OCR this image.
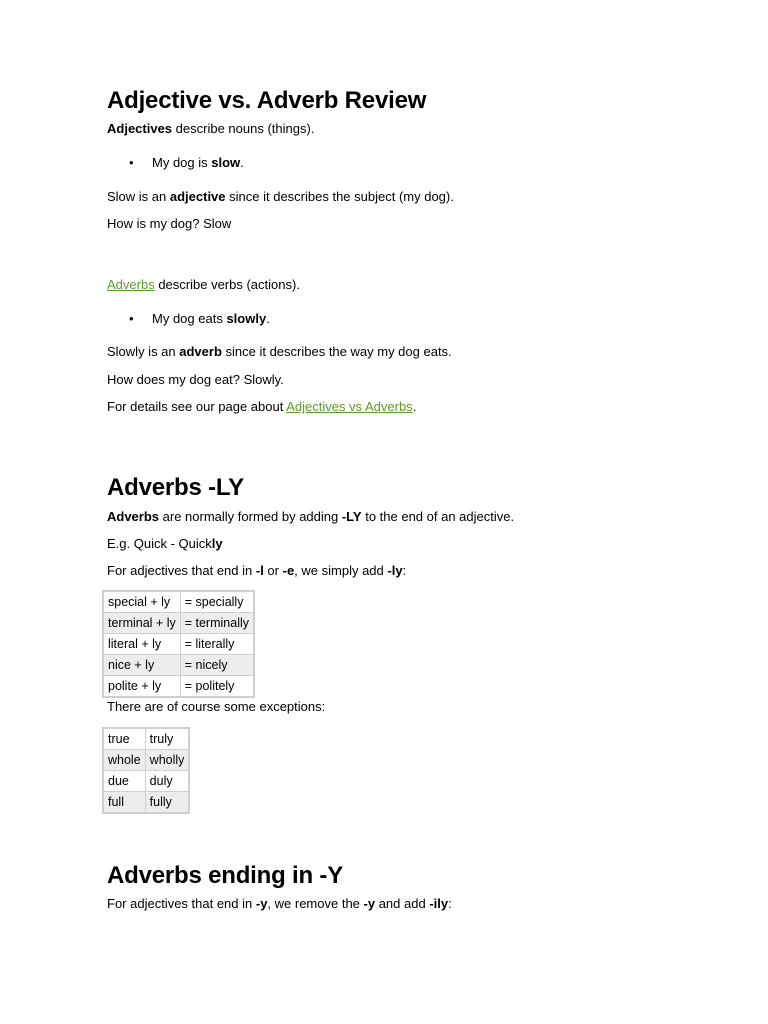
Adjective vs. Adverb Review

Adjectives describe nouns (things).

• My dog is slow.

Slow is an adjective since it describes the subject (my dog).

How is my dog? Slow

Adverbs describe verbs (actions).

• My dog eats slowly.

Slowly is an adverb since it describes the way my dog eats.

How does my dog eat? Slowly.

For details see our page about Adjectives vs Adverbs.

Adverbs -LY

Adverbs are normally formed by adding -LY to the end of an adjective.

E.g. Quick - Quickly

For adjectives that end in -l or -e, we simply add -ly:

special + ly	= specially
terminal + ly	= terminally
literal + ly	= literally
nice + ly	= nicely
polite + ly	= politely

There are of course some exceptions:

true	truly
whole	wholly
due	duly
full	fully
Adverbs ending in -Y

For adjectives that end in -y, we remove the -y and add -ily:
